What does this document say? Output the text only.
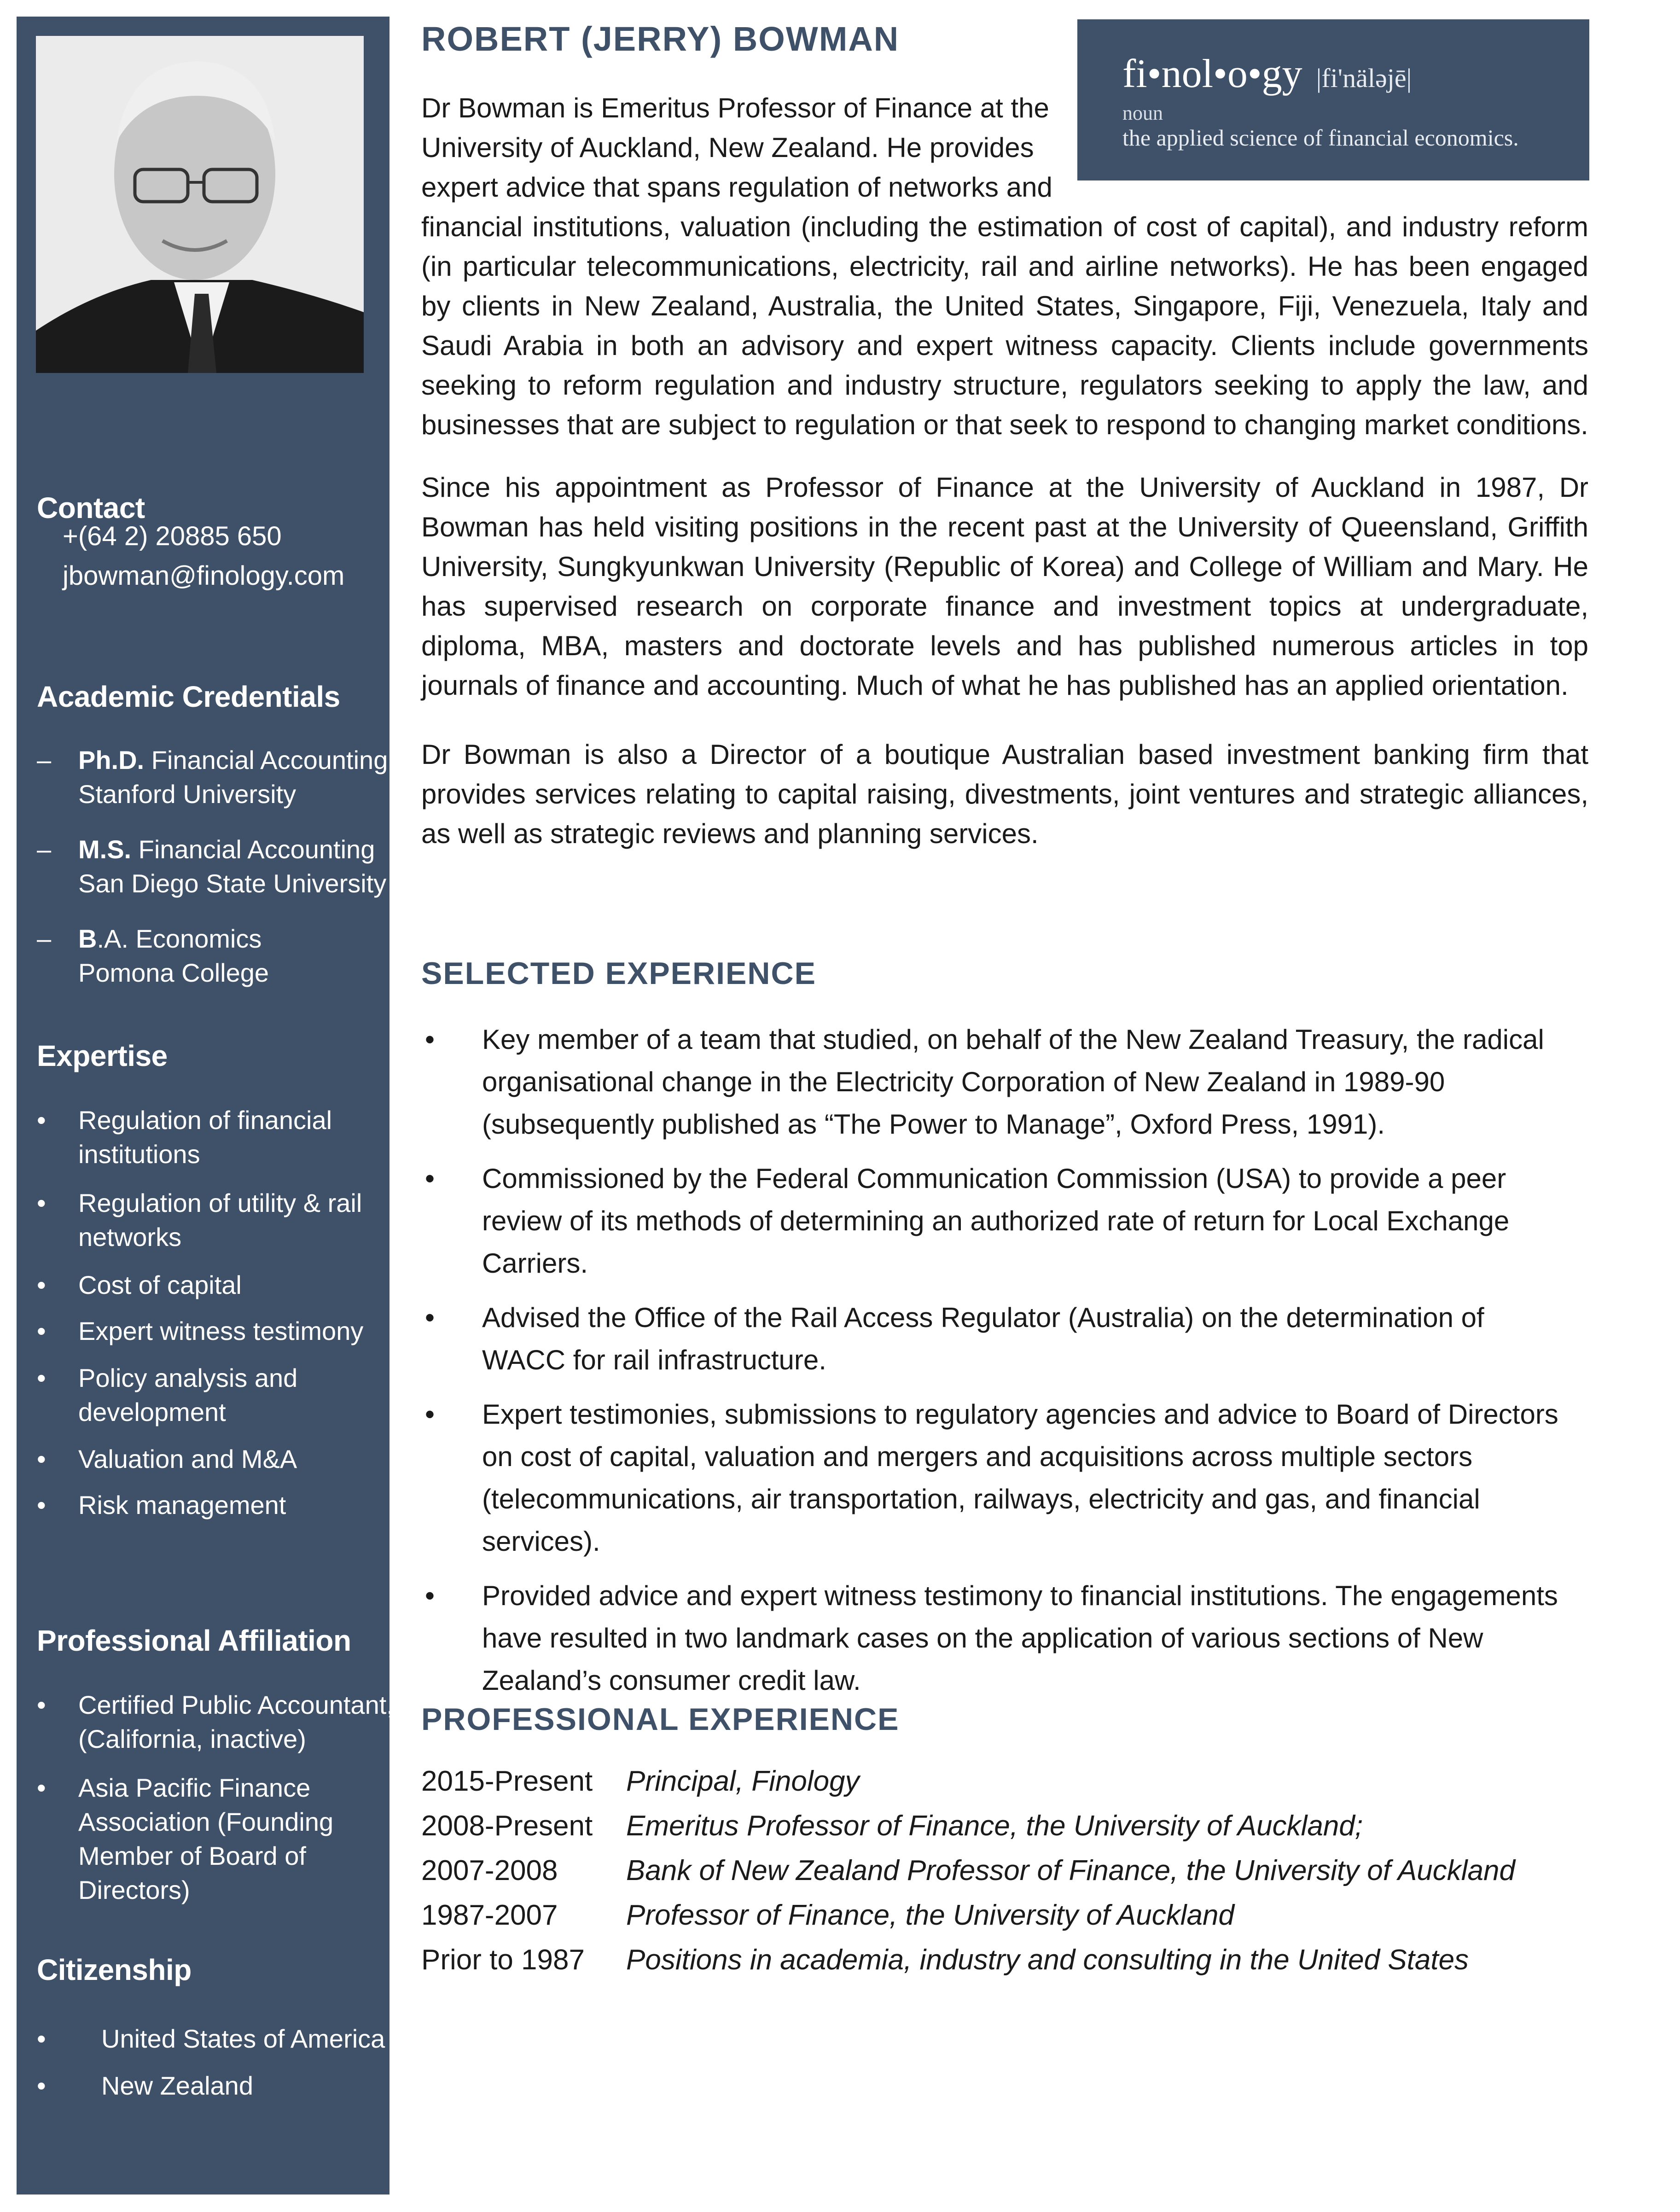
Contact
+(64 2) 20885 650
jbowman@finology.com
Academic Credentials
–	Ph.D. Financial Accounting
Stanford University
–	M.S. Financial Accounting
San Diego State University
–	B.A. Economics
Pomona College
Expertise
•	Regulation of financial
institutions
•	Regulation of utility & rail
networks
•	Cost of capital
•	Expert witness testimony
•	Policy analysis and
development
•	Valuation and M&A
•	Risk management
Professional Affiliation
•	Certified Public Accountant,
(California, inactive)
•	Asia Pacific Finance
Association (Founding
Member of Board of
Directors)
Citizenship
•	United States of America
•	New Zealand
ROBERT (JERRY) BOWMAN
fi•nol•o•gy |fi'näləjē|
noun
the applied science of financial economics.

Dr Bowman is Emeritus Professor of Finance at the University of Auckland, New Zealand. He provides expert advice that spans regulation of networks and

financial institutions, valuation (including the estimation of cost of capital), and industry reform (in particular telecommunications, electricity, rail and airline networks). He has been engaged by clients in New Zealand, Australia, the United States, Singapore, Fiji, Venezuela, Italy and Saudi Arabia in both an advisory and expert witness capacity. Clients include governments seeking to reform regulation and industry structure, regulators seeking to apply the law, and businesses that are subject to regulation or that seek to respond to changing market conditions.

Since his appointment as Professor of Finance at the University of Auckland in 1987, Dr Bowman has held visiting positions in the recent past at the University of Queensland, Griffith University, Sungkyunkwan University (Republic of Korea) and College of William and Mary. He has supervised research on corporate finance and investment topics at undergraduate, diploma, MBA, masters and doctorate levels and has published numerous articles in top journals of finance and accounting. Much of what he has published has an applied orientation.

Dr Bowman is also a Director of a boutique Australian based investment banking firm that provides services relating to capital raising, divestments, joint ventures and strategic alliances, as well as strategic reviews and planning services.

SELECTED EXPERIENCE
• Key member of a team that studied, on behalf of the New Zealand Treasury, the radical organisational change in the Electricity Corporation of New Zealand in 1989-90 (subsequently published as “The Power to Manage”, Oxford Press, 1991).
• Commissioned by the Federal Communication Commission (USA) to provide a peer review of its methods of determining an authorized rate of return for Local Exchange Carriers.
• Advised the Office of the Rail Access Regulator (Australia) on the determination of WACC for rail infrastructure.
• Expert testimonies, submissions to regulatory agencies and advice to Board of Directors on cost of capital, valuation and mergers and acquisitions across multiple sectors (telecommunications, air transportation, railways, electricity and gas, and financial services).
• Provided advice and expert witness testimony to financial institutions. The engagements have resulted in two landmark cases on the application of various sections of New Zealand’s consumer credit law.
PROFESSIONAL EXPERIENCE
2015-Present Principal, Finology
2008-Present Emeritus Professor of Finance, the University of Auckland;
2007-2008 Bank of New Zealand Professor of Finance, the University of Auckland
1987-2007 Professor of Finance, the University of Auckland
Prior to 1987 Positions in academia, industry and consulting in the United States
